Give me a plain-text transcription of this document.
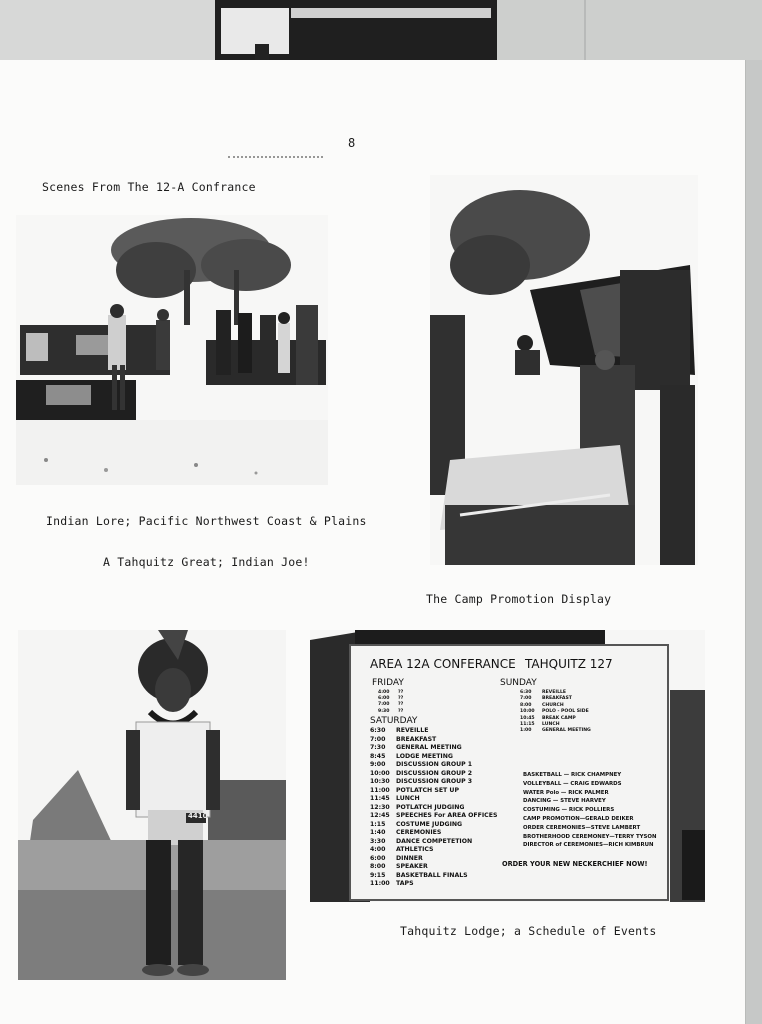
8
Scenes From The 12-A Confrance
Indian Lore; Pacific Northwest Coast & Plains
A Tahquitz Great; Indian Joe!
The Camp Promotion Display
4410
AREA 12A CONFERANCE TAHQUITZ 127
FRIDAY
4:00 ??
6:00 ??
7:00 ??
9:30 ??
SATURDAY
6:30 REVEILLE
7:00 BREAKFAST
7:30 GENERAL MEETING
8:45 LODGE MEETING
9:00 DISCUSSION GROUP 1
10:00 DISCUSSION GROUP 2
10:30 DISCUSSION GROUP 3
11:00 POTLATCH SET UP
11:45 LUNCH
12:30 POTLATCH JUDGING
12:45 SPEECHES For AREA OFFICES
1:15 COSTUME JUDGING
1:40 CEREMONIES
3:30 DANCE COMPETETION
4:00 ATHLETICS
6:00 DINNER
8:00 SPEAKER
9:15 BASKETBALL FINALS
11:00 TAPS
SUNDAY
6:30 REVEILLE
7:00 BREAKFAST
8:00 CHURCH
10:00 POLO - POOL SIDE
10:45 BREAK CAMP
11:15 LUNCH
1:00 GENERAL MEETING
BASKETBALL — RICK CHAMPNEY
VOLLEYBALL — CRAIG EDWARDS
WATER Polo — RICK PALMER
DANCING — STEVE HARVEY
COSTUMING — RICK POLLIERS
CAMP PROMOTION—GERALD DEIKER
ORDER CEREMONIES—STEVE LAMBERT
BROTHERHOOD CEREMONEY—TERRY TYSON
DIRECTOR of CEREMONIES—RICH KIMBRUN
ORDER YOUR NEW NECKERCHIEF NOW!
Tahquitz Lodge; a Schedule of Events
